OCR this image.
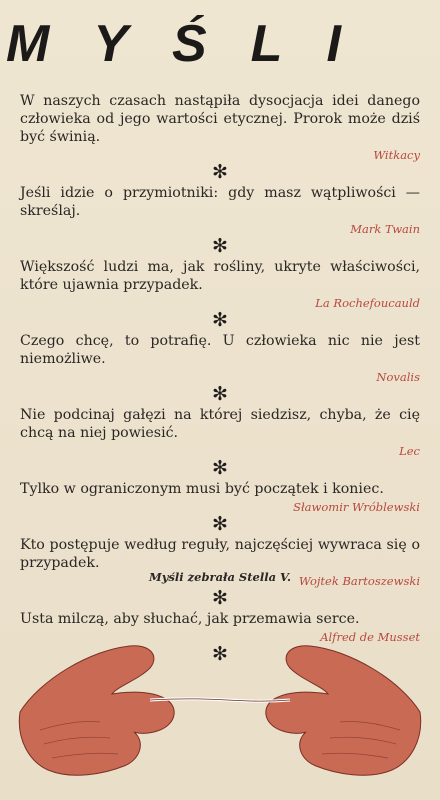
MYŚLI
W naszych czasach nastąpiła dysocjacja idei danego człowieka od jego wartości etycznej. Prorok może dziś być świnią.
Witkacy
✻
Jeśli idzie o przymiotniki: gdy masz wątpliwości — skreślaj.
Mark Twain
✻
Większość ludzi ma, jak rośliny, ukryte właściwości, które ujawnia przypadek.
La Rochefoucauld
✻
Czego chcę, to potrafię. U człowieka nic nie jest niemożliwe.
Novalis
✻
Nie podcinaj gałęzi na której siedzisz, chyba, że cię chcą na niej powiesić.
Lec
✻
Tylko w ograniczonym musi być początek i koniec.
Sławomir Wróblewski
✻
Kto postępuje według reguły, najczęściej wywraca się o przypadek.
Wojtek Bartoszewski
✻
Usta milczą, aby słuchać, jak przemawia serce.
Alfred de Musset
✻
Myśli zebrała Stella V.
